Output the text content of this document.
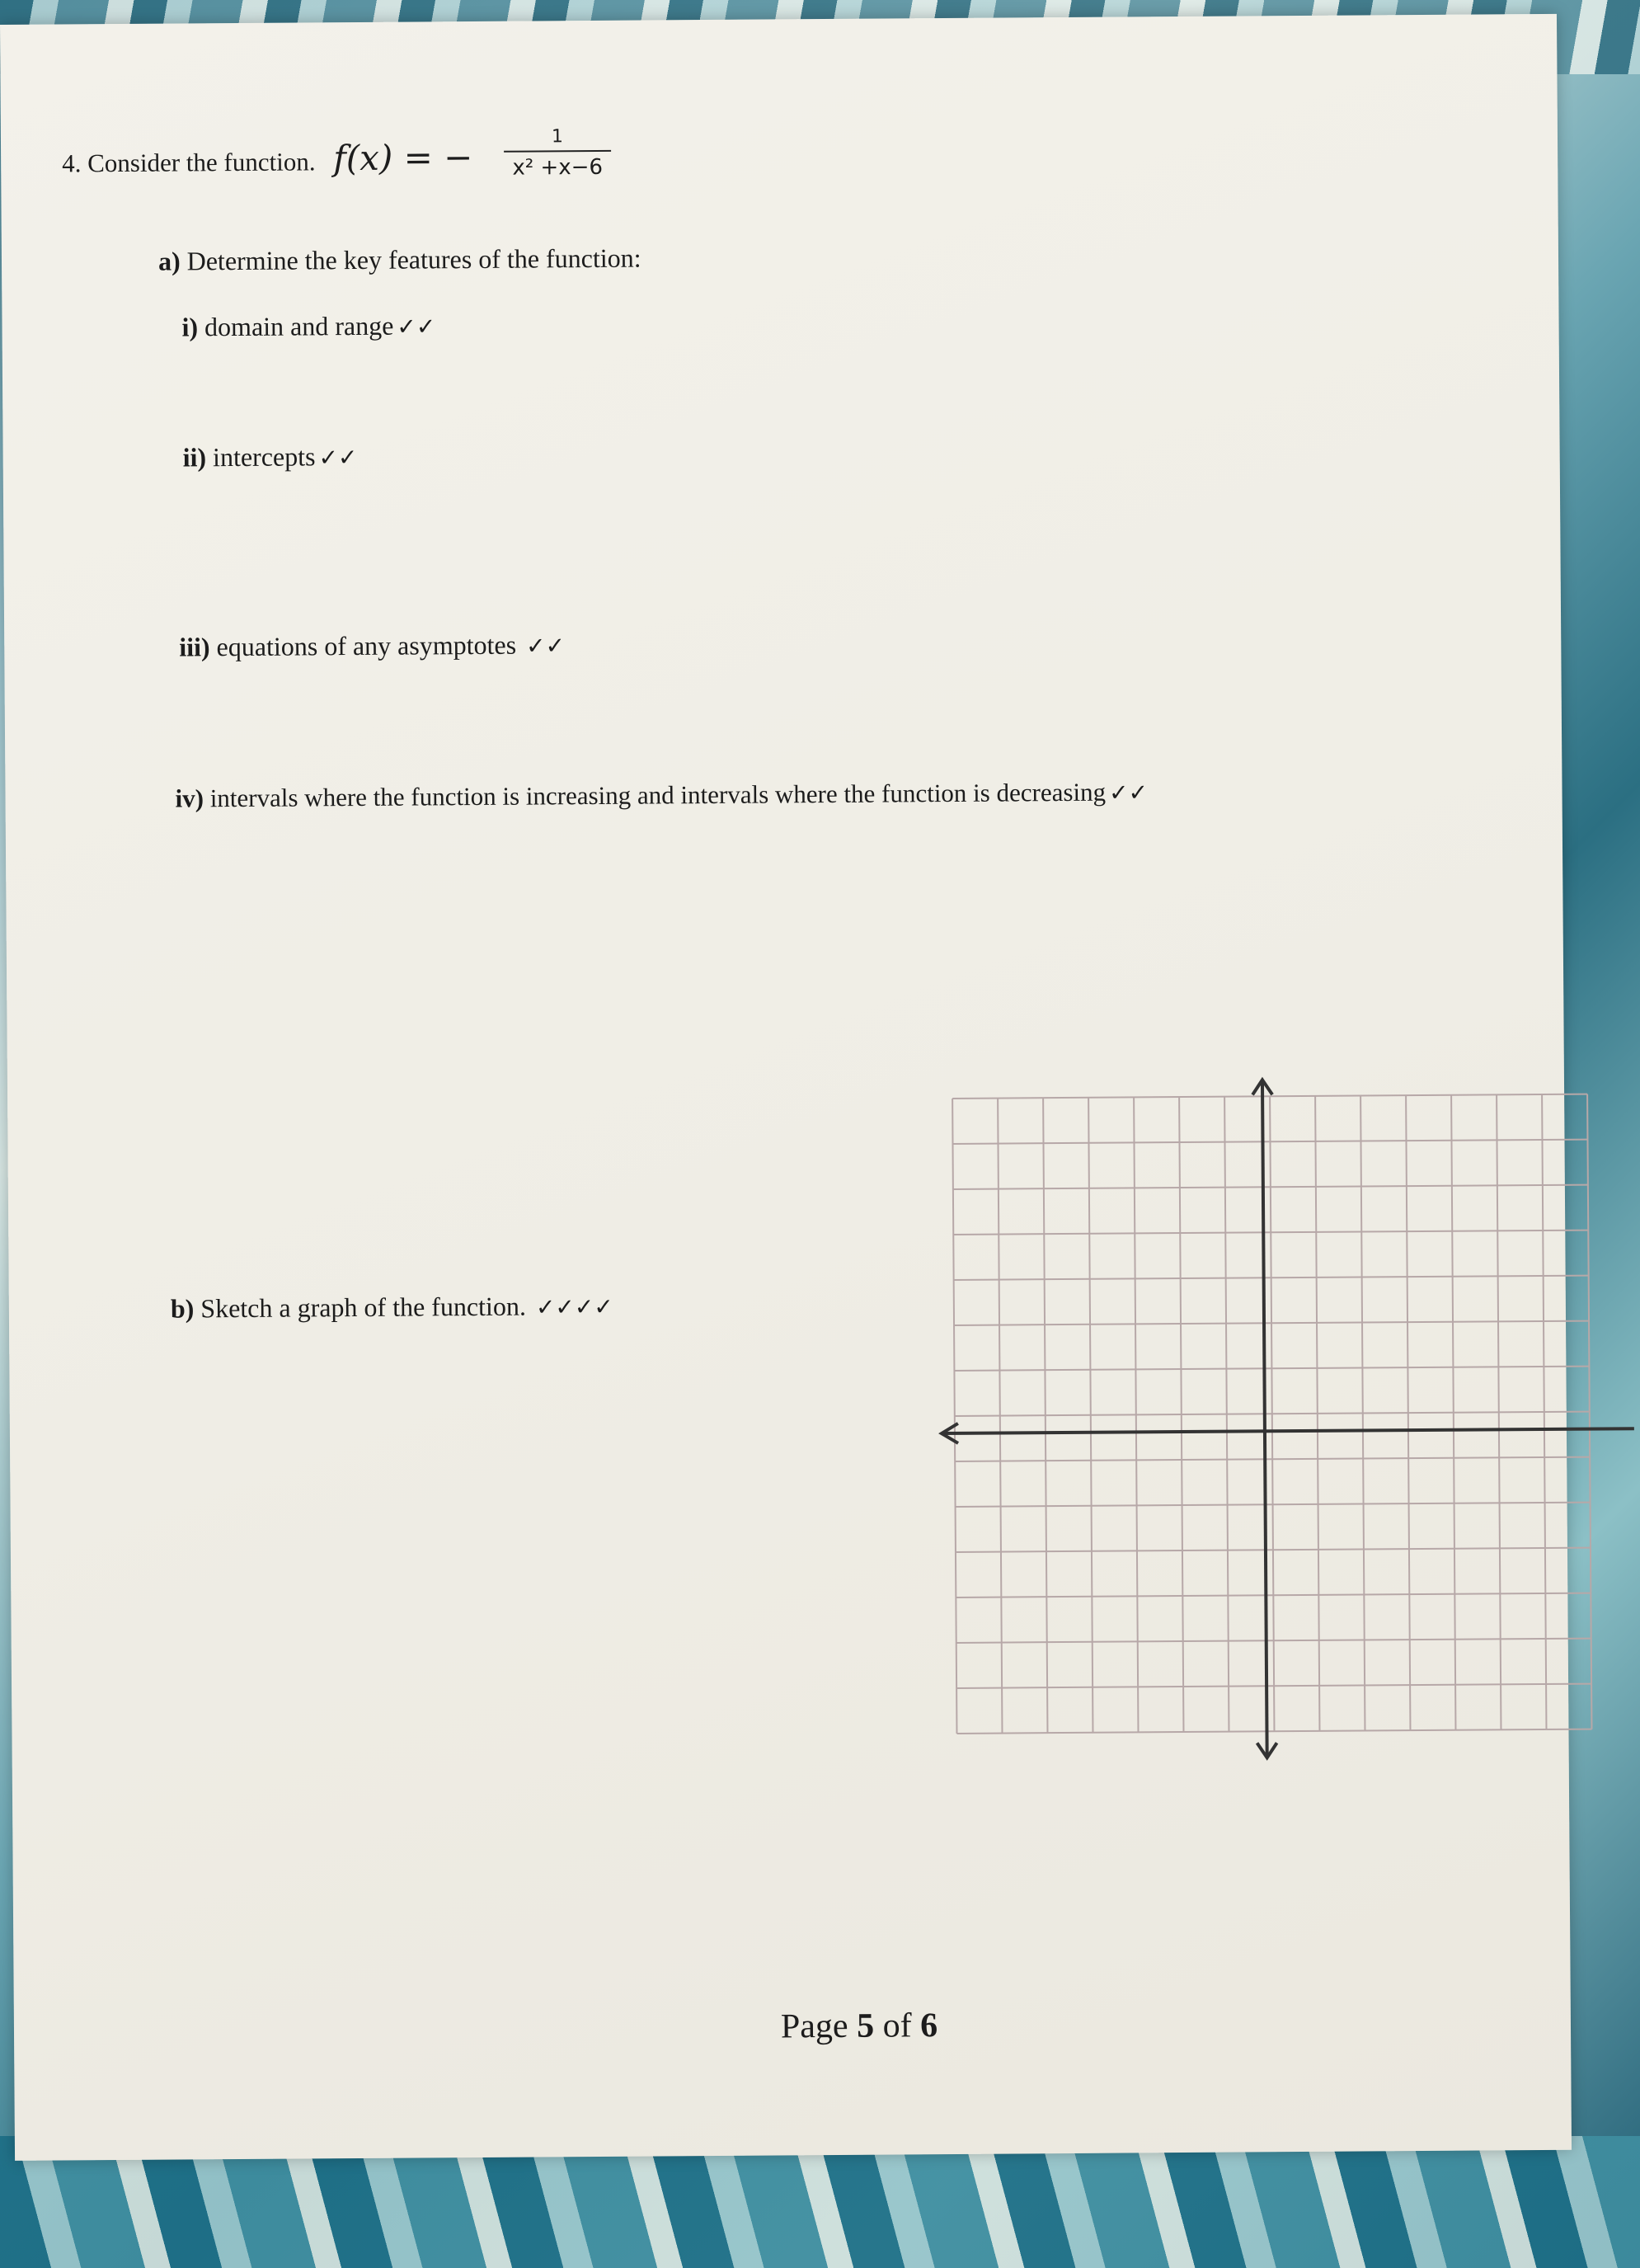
4. Consider the function. f(x) = −
1
x² +x−6
a) Determine the key features of the function:
i) domain and range ✓✓
ii) intercepts ✓✓
iii) equations of any asymptotes ✓✓
iv) intervals where the function is increasing and intervals where the function is decreasing ✓✓
b) Sketch a graph of the function. ✓✓✓✓
Page 5 of 6
